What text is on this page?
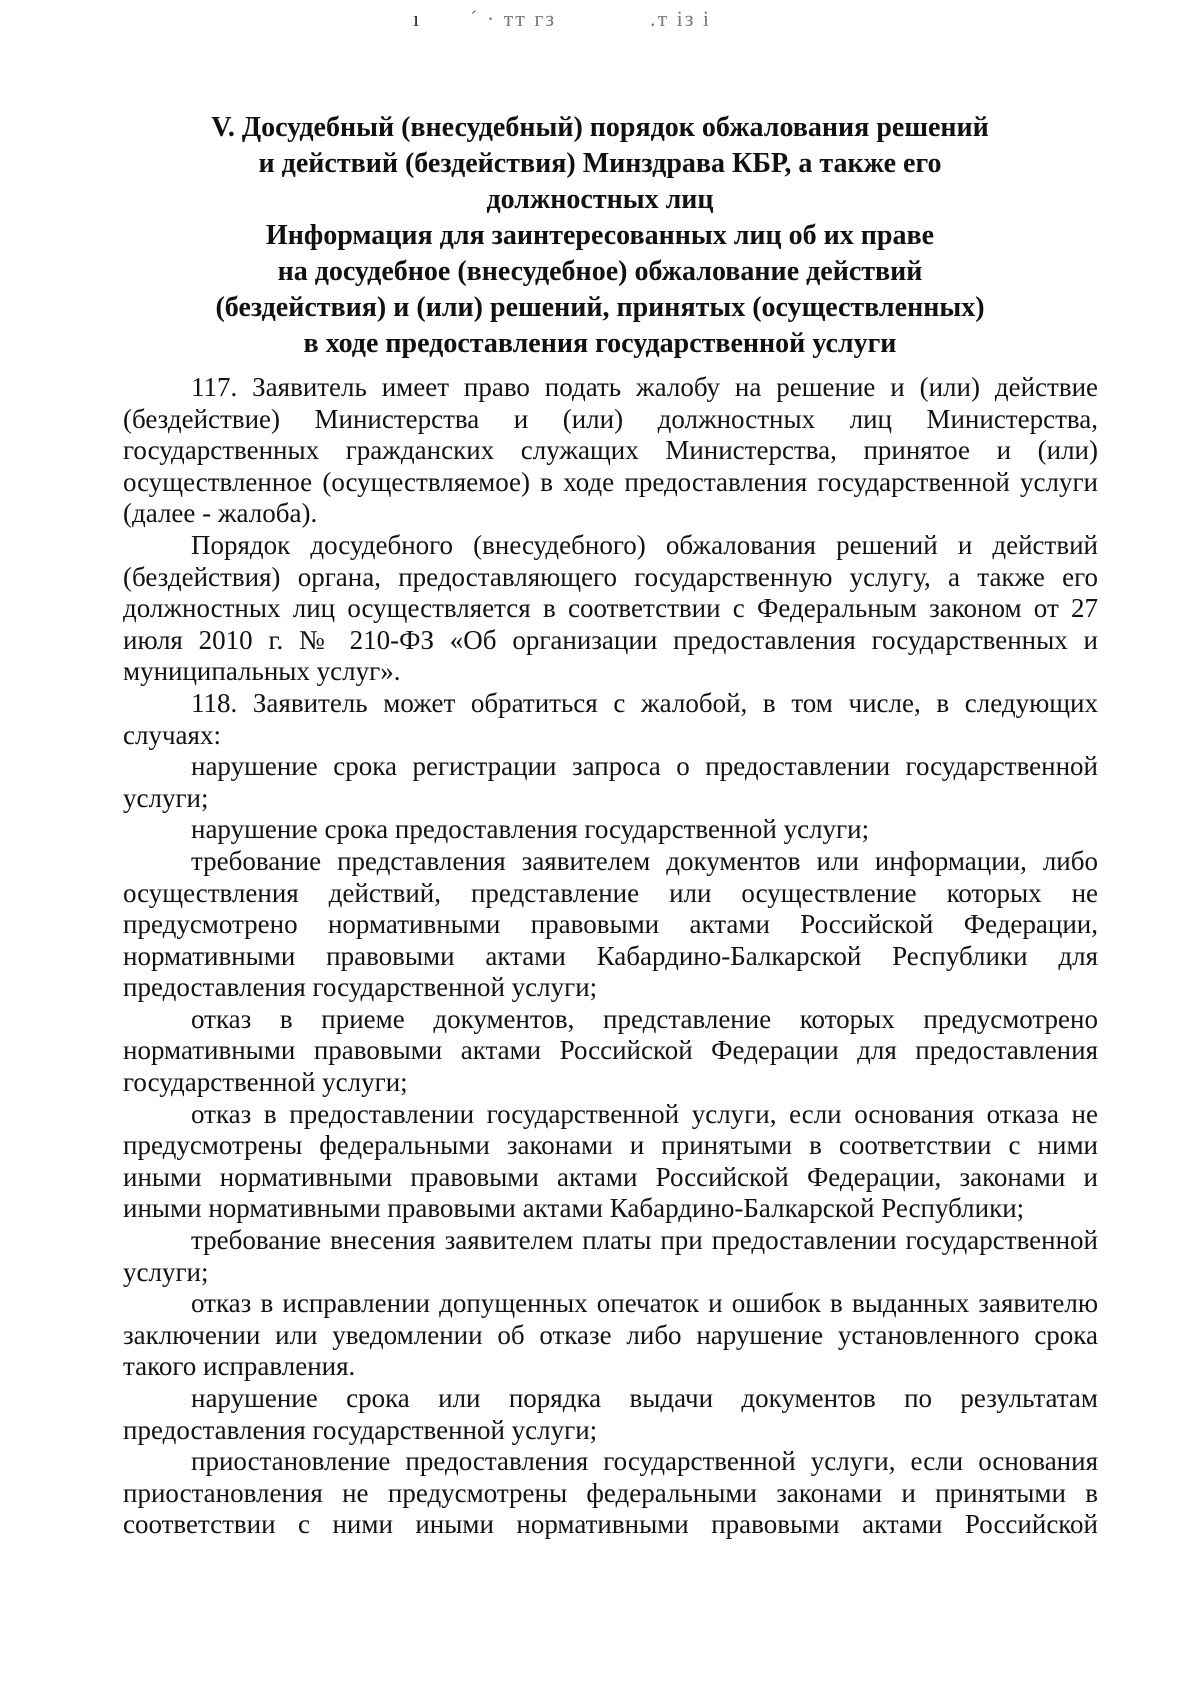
ı ´ · тт гз	.т із і
V. Досудебный (внесудебный) порядок обжалования решений
и действий (бездействия) Минздрава КБР, а также его
должностных лиц
Информация для заинтересованных лиц об их праве
на досудебное (внесудебное) обжалование действий
(бездействия) и (или) решений, принятых (осуществленных)
в ходе предоставления государственной услуги

117. Заявитель имеет право подать жалобу на решение и (или) действие (бездействие) Министерства и (или) должностных лиц Министерства, государственных гражданских служащих Министерства, принятое и (или) осуществленное (осуществляемое) в ходе предоставления государственной услуги (далее - жалоба).

Порядок досудебного (внесудебного) обжалования решений и действий (бездействия) органа, предоставляющего государственную услугу, а также его должностных лиц осуществляется в соответствии с Федеральным законом от 27 июля 2010 г. № 210-ФЗ «Об организации предоставления государственных и муниципальных услуг».

118. Заявитель может обратиться с жалобой, в том числе, в следующих случаях:

нарушение срока регистрации запроса о предоставлении государственной услуги;

нарушение срока предоставления государственной услуги;

требование представления заявителем документов или информации, либо осуществления действий, представление или осуществление которых не предусмотрено нормативными правовыми актами Российской Федерации, нормативными правовыми актами Кабардино-Балкарской Республики для предоставления государственной услуги;

отказ в приеме документов, представление которых предусмотрено нормативными правовыми актами Российской Федерации для предоставления государственной услуги;

отказ в предоставлении государственной услуги, если основания отказа не предусмотрены федеральными законами и принятыми в соответствии с ними иными нормативными правовыми актами Российской Федерации, законами и иными нормативными правовыми актами Кабардино-Балкарской Республики;

требование внесения заявителем платы при предоставлении государственной услуги;

отказ в исправлении допущенных опечаток и ошибок в выданных заявителю заключении или уведомлении об отказе либо нарушение установленного срока такого исправления.

нарушение срока или порядка выдачи документов по результатам предоставления государственной услуги;

приостановление предоставления государственной услуги, если основания приостановления не предусмотрены федеральными законами и принятыми в соответствии с ними иными нормативными правовыми актами Российской
